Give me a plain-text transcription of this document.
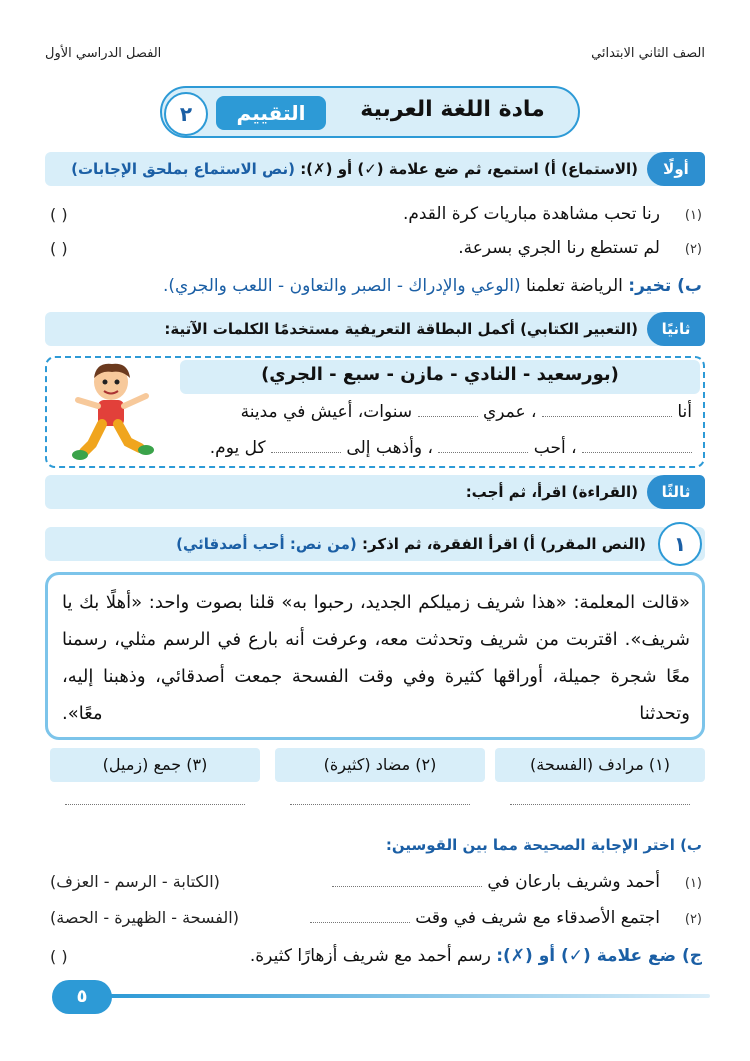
الصف الثاني الابتدائي
الفصل الدراسي الأول
مادة اللغة العربية
التقييم
٢
أولًا
(الاستماع) أ) استمع، ثم ضع علامة (✓) أو (✗): (نص الاستماع بملحق الإجابات)
(١)
رنا تحب مشاهدة مباريات كرة القدم.
( )
(٢)
لم تستطع رنا الجري بسرعة.
( )
ب) تخير: الرياضة تعلمنا (الوعي والإدراك - الصبر والتعاون - اللعب والجري).
ثانيًا
(التعبير الكتابي) أكمل البطاقة التعريفية مستخدمًا الكلمات الآتية:
(بورسعيد - النادي - مازن - سبع - الجري)
أنا  ، عمري  سنوات، أعيش في مدينة
، أحب  ، وأذهب إلى  كل يوم.
ثالثًا
(القراءة) اقرأ، ثم أجب:
١
(النص المقرر) أ) اقرأ الفقرة، ثم اذكر: (من نص: أحب أصدقائي)
«قالت المعلمة: «هذا شريف زميلكم الجديد، رحبوا به» قلنا بصوت واحد: «أهلًا بك يا شريف». اقتربت من شريف وتحدثت معه، وعرفت أنه بارع في الرسم مثلي، رسمنا معًا شجرة جميلة، أوراقها كثيرة وفي وقت الفسحة جمعت أصدقائي، وذهبنا إليه، وتحدثنا معًا».
(١) مرادف (الفسحة)
(٢) مضاد (كثيرة)
(٣) جمع (زميل)
ب) اختر الإجابة الصحيحة مما بين القوسين:
(١)
أحمد وشريف بارعان في
(الكتابة - الرسم - العزف)
(٢)
اجتمع الأصدقاء مع شريف في وقت
(الفسحة - الظهيرة - الحصة)
ج) ضع علامة (✓) أو (✗): رسم أحمد مع شريف أزهارًا كثيرة.
( )
٥
